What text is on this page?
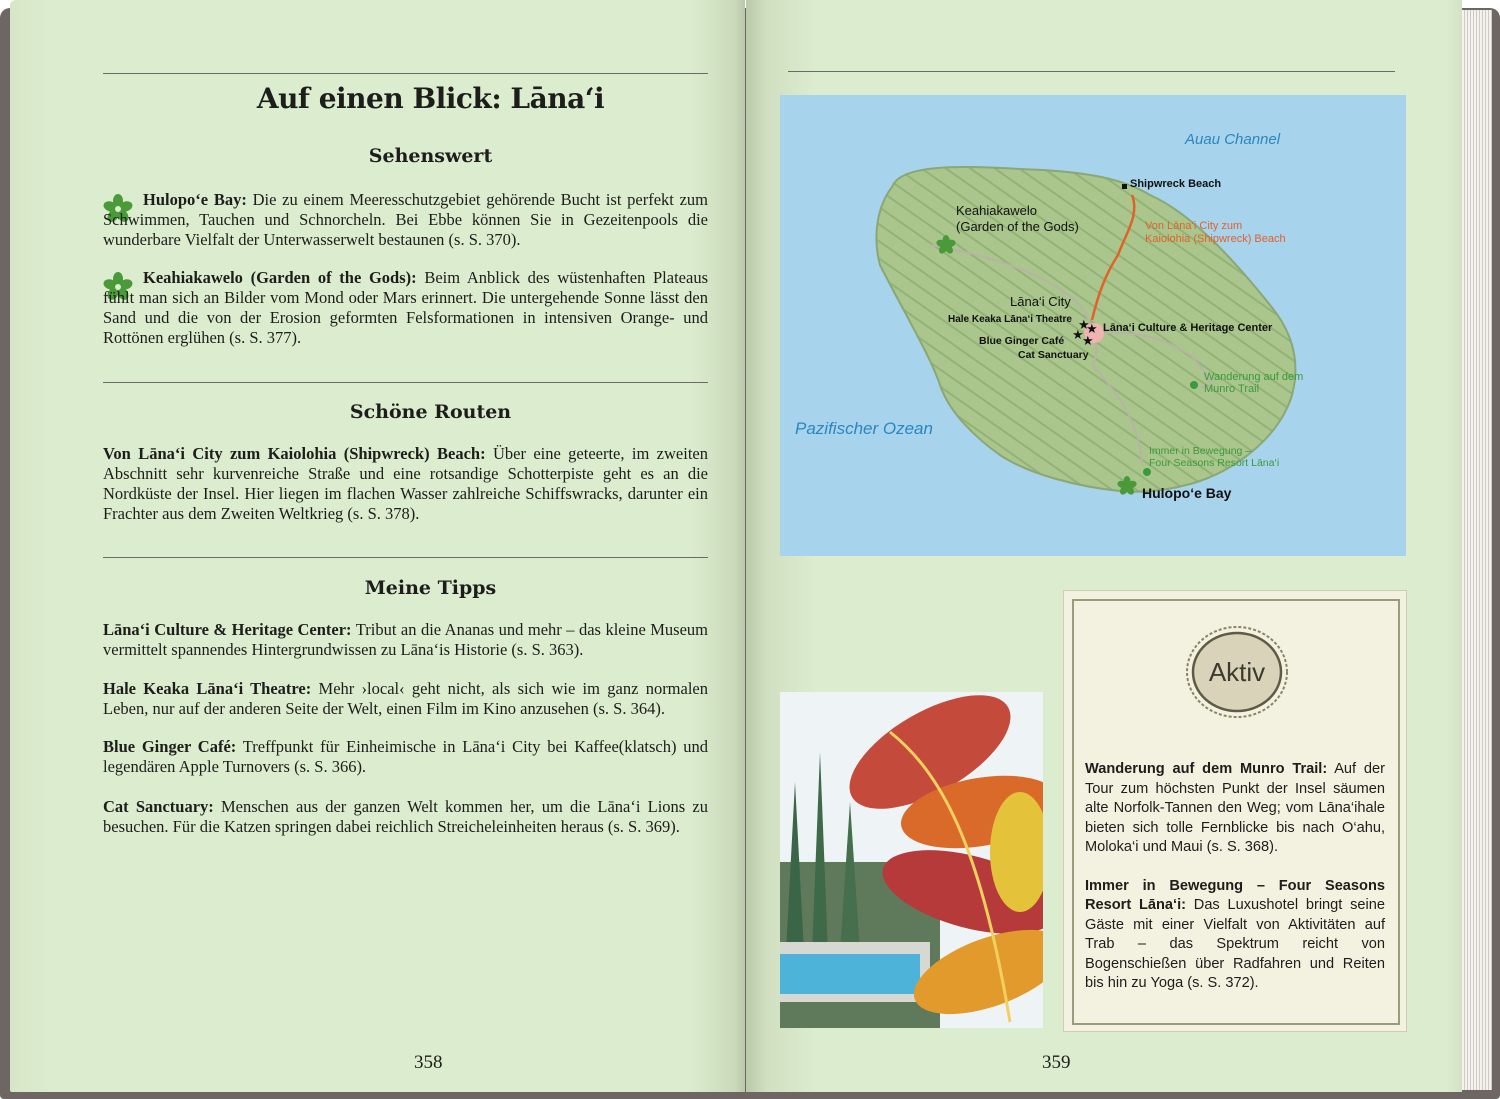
Auf einen Blick: Lāna‘i
Sehenswert

Hulopo‘e Bay: Die zu einem Meeresschutzgebiet gehörende Bucht ist perfekt zum Schwimmen, Tauchen und Schnorcheln. Bei Ebbe können Sie in Gezeitenpools die wunderbare Vielfalt der Unterwasserwelt bestaunen (s. S. 370).

Keahiakawelo (Garden of the Gods): Beim Anblick des wüstenhaften Plateaus fühlt man sich an Bilder vom Mond oder Mars erinnert. Die untergehende Sonne lässt den Sand und die von der Erosion geformten Felsformationen in intensiven Orange- und Rottönen erglühen (s. S. 377).

Schöne Routen

Von Lāna‘i City zum Kaiolohia (Shipwreck) Beach: Über eine geteerte, im zweiten Abschnitt sehr kurvenreiche Straße und eine rotsandige Schotterpiste geht es an die Nordküste der Insel. Hier liegen im flachen Wasser zahlreiche Schiffswracks, darunter ein Frachter aus dem Zweiten Weltkrieg (s. S. 378).

Meine Tipps

Lāna‘i Culture & Heritage Center: Tribut an die Ananas und mehr – das kleine Museum vermittelt spannendes Hintergrundwissen zu Lāna‘is Historie (s. S. 363).

Hale Keaka Lāna‘i Theatre: Mehr ›local‹ geht nicht, als sich wie im ganz normalen Leben, nur auf der anderen Seite der Welt, einen Film im Kino anzusehen (s. S. 364).

Blue Ginger Café: Treffpunkt für Einheimische in Lāna‘i City bei Kaffee(klatsch) und legendären Apple Turnovers (s. S. 366).

Cat Sanctuary: Menschen aus der ganzen Welt kommen her, um die Lāna‘i Lions zu besuchen. Für die Katzen springen dabei reichlich Streicheleinheiten heraus (s. S. 369).

358
★
★
★
★
Auau Channel
Pazifischer Ozean
Shipwreck Beach
Keahiakawelo
(Garden of the Gods)	Von Lāna‘i City zum
Kaiolohia (Shipwreck) Beach
Lāna‘i City
Hale Keaka Lāna‘i Theatre
Lāna‘i Culture & Heritage Center
Blue Ginger Café
Cat Sanctuary
Wanderung auf dem
Munro Trail
Immer in Bewegung –
Four Seasons Resort Lāna‘i
Hulopo‘e Bay
Aktiv

Wanderung auf dem Munro Trail: Auf der Tour zum höchsten Punkt der Insel säumen alte Norfolk-Tannen den Weg; vom Lāna‘ihale bieten sich tolle Fernblicke bis nach O‘ahu, Moloka‘i und Maui (s. S. 368).

Immer in Bewegung – Four Seasons Resort Lāna‘i: Das Luxushotel bringt seine Gäste mit einer Vielfalt von Aktivitäten auf Trab – das Spektrum reicht von Bogenschießen über Radfahren und Reiten bis hin zu Yoga (s. S. 372).

359
